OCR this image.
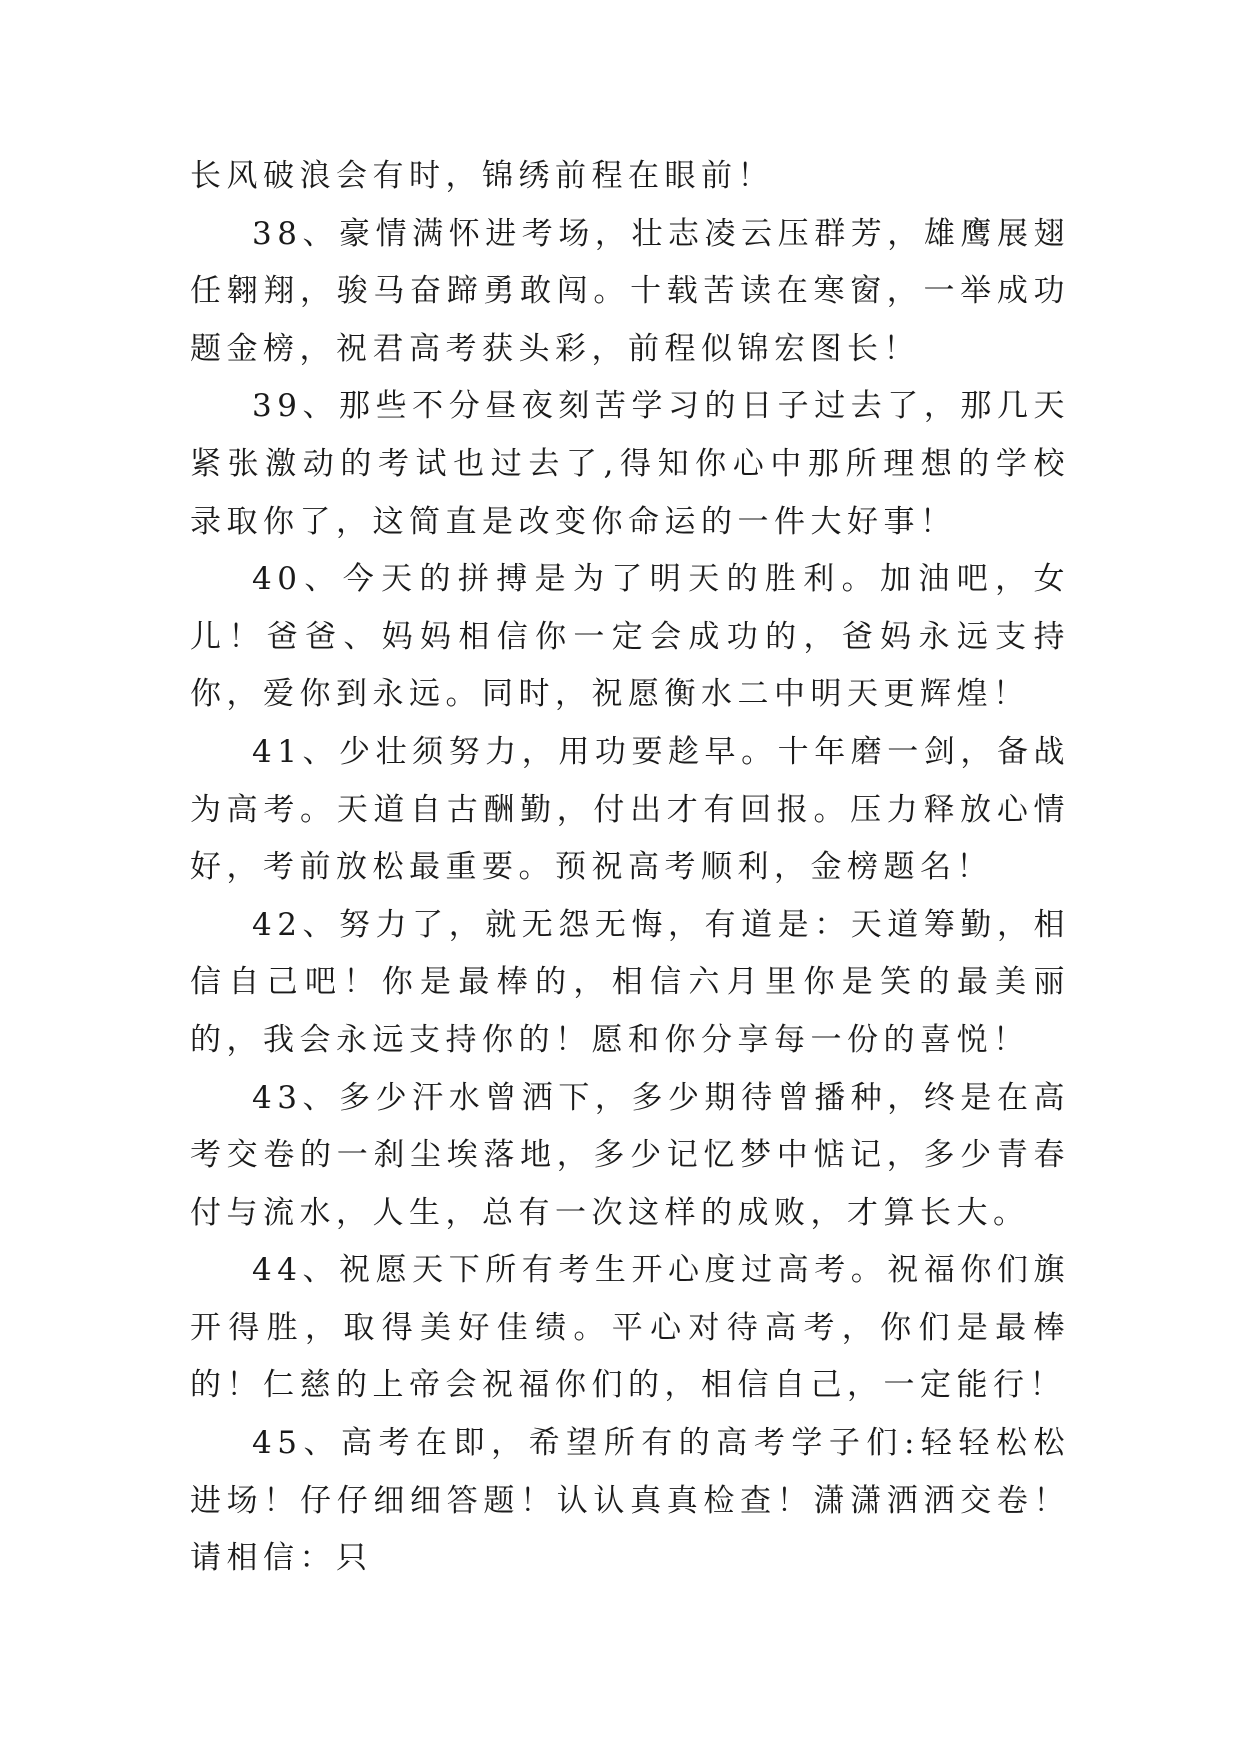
长风破浪会有时，锦绣前程在眼前！

38、豪情满怀进考场，壮志凌云压群芳，雄鹰展翅任翱翔，骏马奋蹄勇敢闯。十载苦读在寒窗，一举成功题金榜，祝君高考获头彩，前程似锦宏图长！

39、那些不分昼夜刻苦学习的日子过去了，那几天紧张激动的考试也过去了,得知你心中那所理想的学校录取你了，这简直是改变你命运的一件大好事！

40、今天的拼搏是为了明天的胜利。加油吧，女儿！爸爸、妈妈相信你一定会成功的，爸妈永远支持你，爱你到永远。同时，祝愿衡水二中明天更辉煌！

41、少壮须努力，用功要趁早。十年磨一剑，备战为高考。天道自古酬勤，付出才有回报。压力释放心情好，考前放松最重要。预祝高考顺利，金榜题名！

42、努力了，就无怨无悔，有道是：天道筹勤，相信自己吧！你是最棒的，相信六月里你是笑的最美丽的，我会永远支持你的！愿和你分享每一份的喜悦！

43、多少汗水曾洒下，多少期待曾播种，终是在高考交卷的一刹尘埃落地，多少记忆梦中惦记，多少青春付与流水，人生，总有一次这样的成败，才算长大。

44、祝愿天下所有考生开心度过高考。祝福你们旗开得胜，取得美好佳绩。平心对待高考，你们是最棒的！仁慈的上帝会祝福你们的，相信自己，一定能行！

45、高考在即，希望所有的高考学子们:轻轻松松进场！仔仔细细答题！认认真真检查！潇潇洒洒交卷！请相信：只
